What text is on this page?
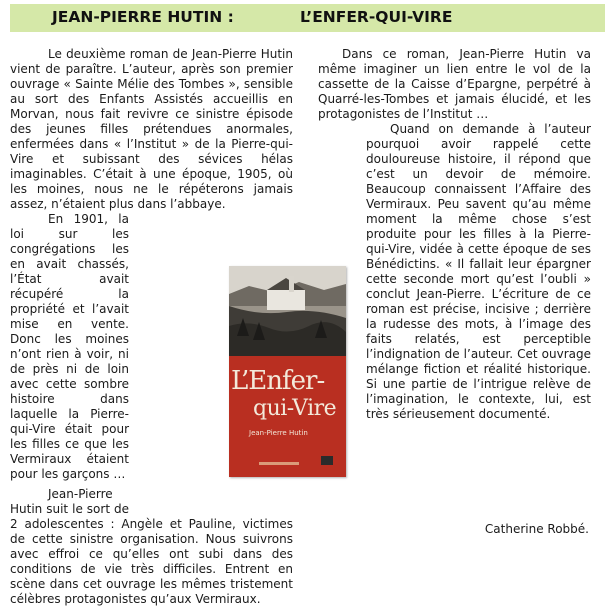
JEAN-PIERRE HUTIN :	L’ENFER-QUI-VIRE

Le deuxième roman de Jean-Pierre Hutin vient de paraître. L’auteur, après son premier ouvrage « Sainte Mélie des Tombes », sensible au sort des Enfants Assistés accueillis en Morvan, nous fait revivre ce sinistre épisode des jeunes filles prétendues anormales, enfermées dans « l’Institut » de la Pierre-qui-Vire et subissant des sévices hélas imaginables. C’était à une époque, 1905, où les moines, nous ne le répéterons jamais assez, n’étaient plus dans l’abbaye.

En 1901, la loi sur les congrégations les en avait chassés, l’État avait récupéré la propriété et l’avait mise en vente. Donc les moines n’ont rien à voir, ni de près ni de loin avec cette sombre histoire dans laquelle la Pierre-qui-Vire était pour les filles ce que les Vermiraux étaient pour les garçons …

Jean-Pierre Hutin suit le sort de 2 adolescentes : Angèle et Pauline, victimes de cette sinistre organisation. Nous suivrons avec effroi ce qu’elles ont subi dans des conditions de vie très difficiles. Entrent en scène dans cet ouvrage les mêmes tristement célèbres protagonistes qu’aux Vermiraux.

Dans ce roman, Jean-Pierre Hutin va même imaginer un lien entre le vol de la cassette de la Caisse d’Epargne, perpétré à Quarré-les-Tombes et jamais élucidé, et les protagonistes de l’Institut …

Quand on demande à l’auteur pourquoi avoir rappelé cette douloureuse histoire, il répond que c’est un devoir de mémoire. Beaucoup connaissent l’Affaire des Vermiraux. Peu savent qu’au même moment la même chose s’est produite pour les filles à la Pierre-qui-Vire, vidée à cette époque de ses Bénédictins. « Il fallait leur épargner cette seconde mort qu’est l’oubli » conclut Jean-Pierre. L’écriture de ce roman est précise, incisive ; derrière la rudesse des mots, à l’image des faits relatés, est perceptible l’indignation de l’auteur. Cet ouvrage mélange fiction et réalité historique. Si une partie de l’intrigue relève de l’imagination, le contexte, lui, est très sérieusement documenté.

Catherine Robbé.
L’Enfer-
qui-Vire
Jean-Pierre Hutin
